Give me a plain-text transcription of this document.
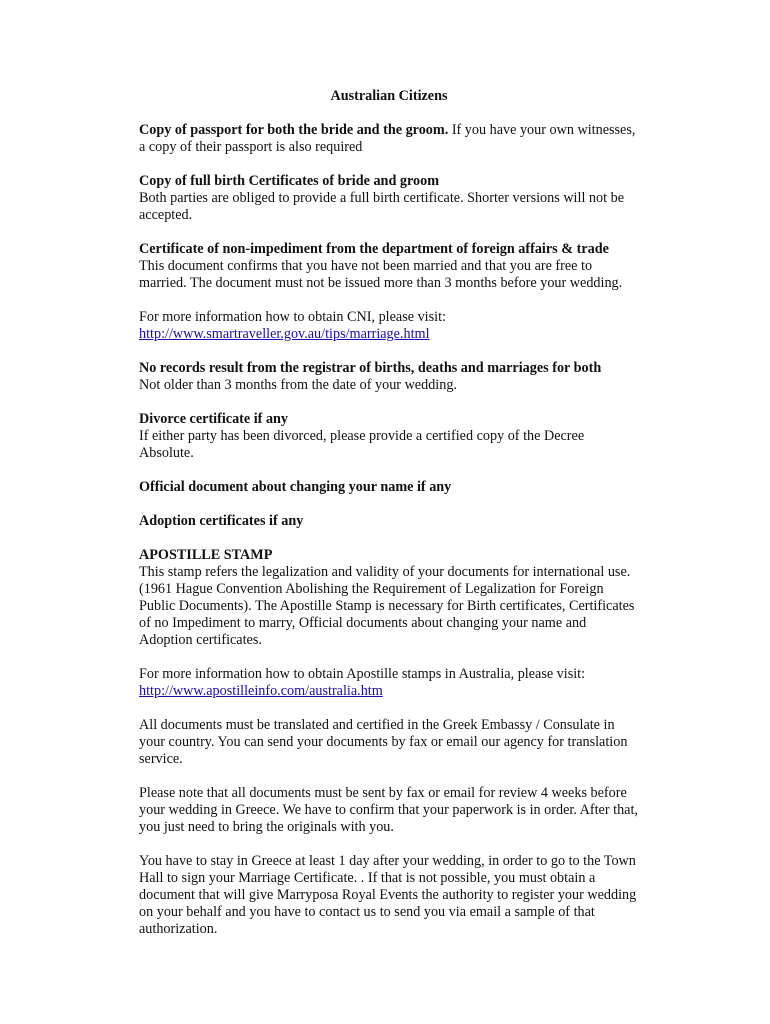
Australian Citizens
Copy of passport for both the bride and the groom. If you have your own witnesses, a copy of their passport is also required
Copy of full birth Certificates of bride and groom
Both parties are obliged to provide a full birth certificate. Shorter versions will not be accepted.
Certificate of non-impediment from the department of foreign affairs & trade
This document confirms that you have not been married and that you are free to married. The document must not be issued more than 3 months before your wedding.
For more information how to obtain CNI, please visit:
http://www.smartraveller.gov.au/tips/marriage.html
No records result from the registrar of births, deaths and marriages for both
Not older than 3 months from the date of your wedding.
Divorce certificate if any
If either party has been divorced, please provide a certified copy of the Decree Absolute.
Official document about changing your name if any
Adoption certificates if any
APOSTILLE STAMP
This stamp refers the legalization and validity of your documents for international use. (1961 Hague Convention Abolishing the Requirement of Legalization for Foreign Public Documents). The Apostille Stamp is necessary for Birth certificates, Certificates of no Impediment to marry, Official documents about changing your name and Adoption certificates.
For more information how to obtain Apostille stamps in Australia, please visit:
http://www.apostilleinfo.com/australia.htm
All documents must be translated and certified in the Greek Embassy / Consulate in your country. You can send your documents by fax or email our agency for translation service.
Please note that all documents must be sent by fax or email for review 4 weeks before your wedding in Greece. We have to confirm that your paperwork is in order. After that, you just need to bring the originals with you.
You have to stay in Greece at least 1 day after your wedding, in order to go to the Town Hall to sign your Marriage Certificate. . If that is not possible, you must obtain a document that will give Marryposa Royal Events the authority to register your wedding on your behalf and you have to contact us to send you via email a sample of that authorization.
